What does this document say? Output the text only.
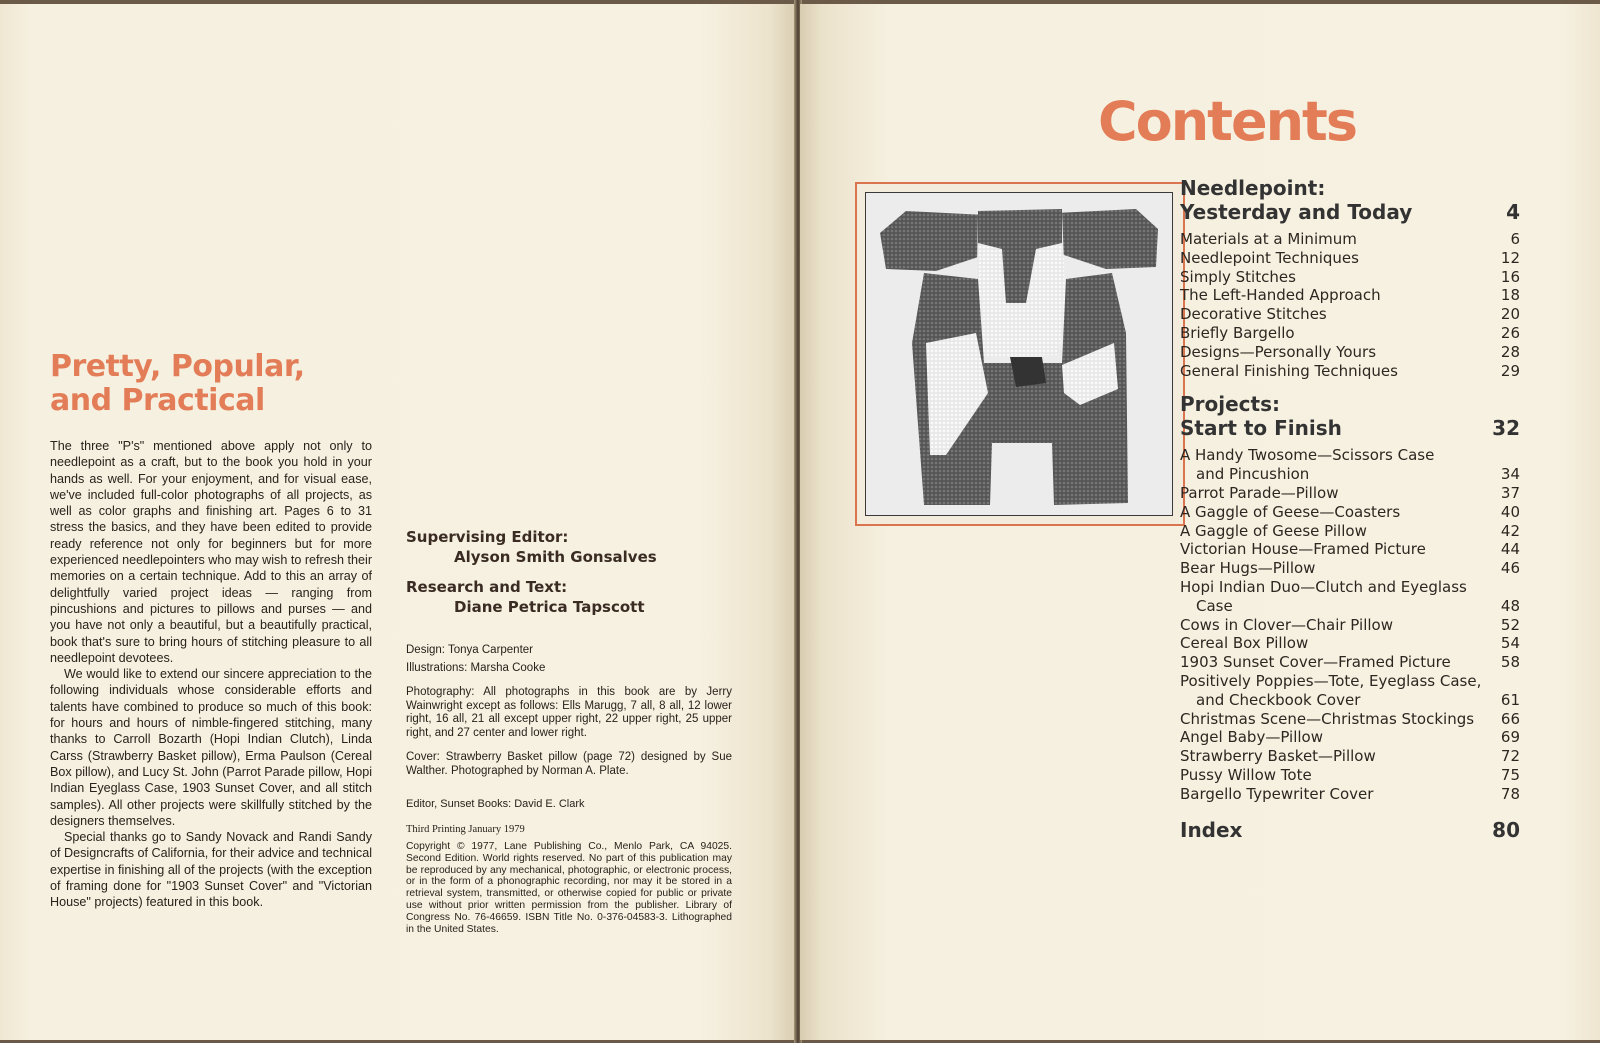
Pretty, Popular,
and Practical

The three "P's" mentioned above apply not only to needlepoint as a craft, but to the book you hold in your hands as well. For your enjoyment, and for visual ease, we've included full-color photographs of all projects, as well as color graphs and finishing art. Pages 6 to 31 stress the basics, and they have been edited to provide ready reference not only for beginners but for more experienced needlepointers who may wish to refresh their memories on a certain technique. Add to this an array of delightfully varied project ideas — ranging from pincushions and pictures to pillows and purses — and you have not only a beautiful, but a beautifully practical, book that's sure to bring hours of stitching pleasure to all needlepoint devotees.

We would like to extend our sincere appreciation to the following individuals whose considerable efforts and talents have combined to produce so much of this book: for hours and hours of nimble-fingered stitching, many thanks to Carroll Bozarth (Hopi Indian Clutch), Linda Carss (Strawberry Basket pillow), Erma Paulson (Cereal Box pillow), and Lucy St. John (Parrot Parade pillow, Hopi Indian Eyeglass Case, 1903 Sunset Cover, and all stitch samples). All other projects were skillfully stitched by the designers themselves.

Special thanks go to Sandy Novack and Randi Sandy of Designcrafts of California, for their advice and technical expertise in finishing all of the projects (with the exception of framing done for "1903 Sunset Cover" and "Victorian House" projects) featured in this book.

Supervising Editor:

Alyson Smith Gonsalves

Research and Text:

Diane Petrica Tapscott

Design: Tonya Carpenter

Illustrations: Marsha Cooke

Photography: All photographs in this book are by Jerry Wainwright except as follows: Ells Marugg, 7 all, 8 all, 12 lower right, 16 all, 21 all except upper right, 22 upper right, 25 upper right, and 27 center and lower right.

Cover: Strawberry Basket pillow (page 72) designed by Sue Walther. Photographed by Norman A. Plate.

Editor, Sunset Books: David E. Clark

Third Printing January 1979

Copyright © 1977, Lane Publishing Co., Menlo Park, CA 94025. Second Edition. World rights reserved. No part of this publication may be reproduced by any mechanical, photographic, or electronic process, or in the form of a phonographic recording, nor may it be stored in a retrieval system, transmitted, or otherwise copied for public or private use without prior written permission from the publisher. Library of Congress No. 76-46659. ISBN Title No. 0-376-04583-3. Lithographed in the United States.

Contents

Needlepoint:
Yesterday and Today	4

Materials at a Minimum	6
Needlepoint Techniques	12
Simply Stitches	16
The Left-Handed Approach	18
Decorative Stitches	20
Briefly Bargello	26
Designs—Personally Yours	28
General Finishing Techniques	29

Projects:
Start to Finish	32

A Handy Twosome—Scissors Case
and Pincushion	34
Parrot Parade—Pillow	37
A Gaggle of Geese—Coasters	40
A Gaggle of Geese Pillow	42
Victorian House—Framed Picture	44
Bear Hugs—Pillow	46
Hopi Indian Duo—Clutch and Eyeglass
Case	48
Cows in Clover—Chair Pillow	52
Cereal Box Pillow	54
1903 Sunset Cover—Framed Picture	58
Positively Poppies—Tote, Eyeglass Case,
and Checkbook Cover	61
Christmas Scene—Christmas Stockings	66
Angel Baby—Pillow	69
Strawberry Basket—Pillow	72
Pussy Willow Tote	75
Bargello Typewriter Cover	78

Index	80
